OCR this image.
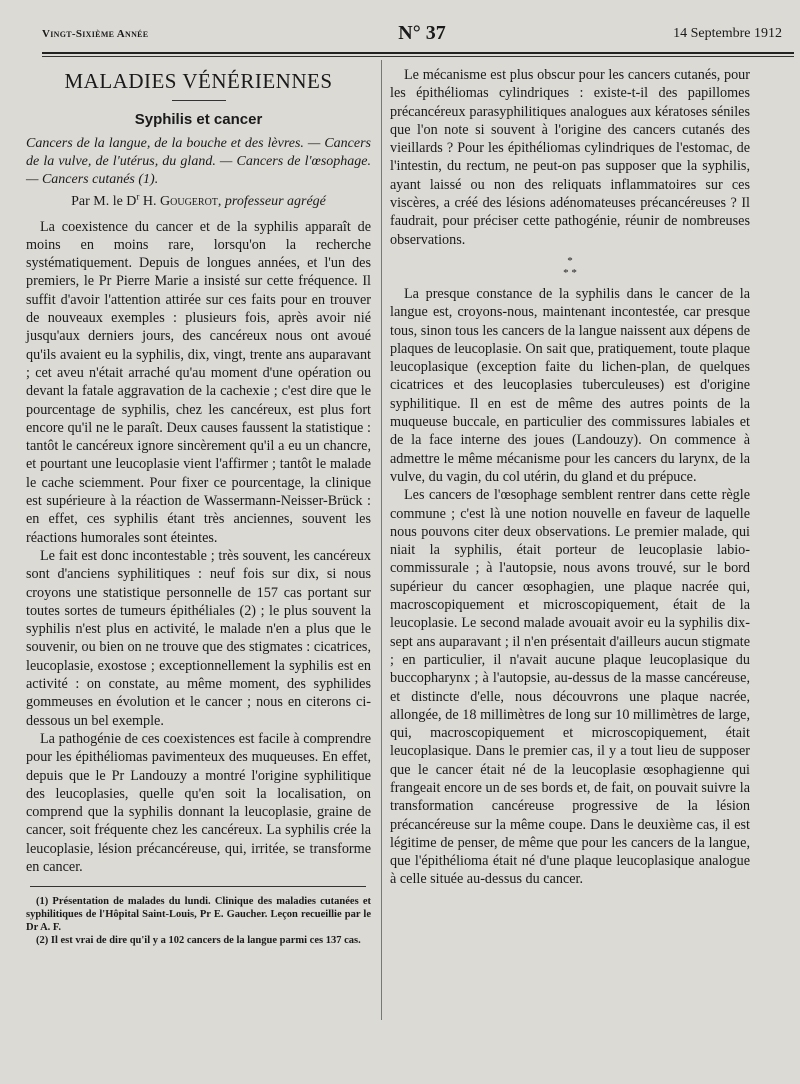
Vingt-Sixième Année	N° 37	14 Septembre 1912
MALADIES VÉNÉRIENNES
Syphilis et cancer
Cancers de la langue, de la bouche et des lèvres. — Cancers de la vulve, de l'utérus, du gland. — Cancers de l'œsophage. — Cancers cutanés (1).
Par M. le $D^r$ H. Gougerot, professeur agrégé

La coexistence du cancer et de la syphilis apparaît de moins en moins rare, lorsqu'on la recherche systématiquement. Depuis de longues années, et l'un des premiers, le Pr Pierre Marie a insisté sur cette fréquence. Il suffit d'avoir l'attention attirée sur ces faits pour en trouver de nouveaux exemples : plusieurs fois, après avoir nié jusqu'aux derniers jours, des cancéreux nous ont avoué qu'ils avaient eu la syphilis, dix, vingt, trente ans auparavant ; cet aveu n'était arraché qu'au moment d'une opération ou devant la fatale aggravation de la cachexie ; c'est dire que le pourcentage de syphilis, chez les cancéreux, est plus fort encore qu'il ne le paraît. Deux causes faussent la statistique : tantôt le cancéreux ignore sincèrement qu'il a eu un chancre, et pourtant une leucoplasie vient l'affirmer ; tantôt le malade le cache sciemment. Pour fixer ce pourcentage, la clinique est supérieure à la réaction de Wassermann-Neisser-Brück : en effet, ces syphilis étant très anciennes, souvent les réactions humorales sont éteintes.

Le fait est donc incontestable ; très souvent, les cancéreux sont d'anciens syphilitiques : neuf fois sur dix, si nous croyons une statistique personnelle de 157 cas portant sur toutes sortes de tumeurs épithéliales (2) ; le plus souvent la syphilis n'est plus en activité, le malade n'en a plus que le souvenir, ou bien on ne trouve que des stigmates : cicatrices, leucoplasie, exostose ; exceptionnellement la syphilis est en activité : on constate, au même moment, des syphilides gommeuses en évolution et le cancer ; nous en citerons ci-dessous un bel exemple.

La pathogénie de ces coexistences est facile à comprendre pour les épithéliomas pavimenteux des muqueuses. En effet, depuis que le Pr Landouzy a montré l'origine syphilitique des leucoplasies, quelle qu'en soit la localisation, on comprend que la syphilis donnant la leucoplasie, graine de cancer, soit fréquente chez les cancéreux. La syphilis crée la leucoplasie, lésion précancéreuse, qui, irritée, se transforme en cancer.

(1) Présentation de malades du lundi. Clinique des maladies cutanées et syphilitiques de l'Hôpital Saint-Louis, Pr E. Gaucher. Leçon recueillie par le Dr A. F.
(2) Il est vrai de dire qu'il y a 102 cancers de la langue parmi ces 137 cas.

Le mécanisme est plus obscur pour les cancers cutanés, pour les épithéliomas cylindriques : existe-t-il des papillomes précancéreux parasyphilitiques analogues aux kératoses séniles que l'on note si souvent à l'origine des cancers cutanés des vieillards ? Pour les épithéliomas cylindriques de l'estomac, de l'intestin, du rectum, ne peut-on pas supposer que la syphilis, ayant laissé ou non des reliquats inflammatoires sur ces viscères, a créé des lésions adénomateuses précancéreuses ? Il faudrait, pour préciser cette pathogénie, réunir de nombreuses observations.

*
* *

La presque constance de la syphilis dans le cancer de la langue est, croyons-nous, maintenant incontestée, car presque tous, sinon tous les cancers de la langue naissent aux dépens de plaques de leucoplasie. On sait que, pratiquement, toute plaque leucoplasique (exception faite du lichen-plan, de quelques cicatrices et des leucoplasies tuberculeuses) est d'origine syphilitique. Il en est de même des autres points de la muqueuse buccale, en particulier des commissures labiales et de la face interne des joues (Landouzy). On commence à admettre le même mécanisme pour les cancers du larynx, de la vulve, du vagin, du col utérin, du gland et du prépuce.

Les cancers de l'œsophage semblent rentrer dans cette règle commune ; c'est là une notion nouvelle en faveur de laquelle nous pouvons citer deux observations. Le premier malade, qui niait la syphilis, était porteur de leucoplasie labio-commissurale ; à l'autopsie, nous avons trouvé, sur le bord supérieur du cancer œsophagien, une plaque nacrée qui, macroscopiquement et microscopiquement, était de la leucoplasie. Le second malade avouait avoir eu la syphilis dix-sept ans auparavant ; il n'en présentait d'ailleurs aucun stigmate ; en particulier, il n'avait aucune plaque leucoplasique du buccopharynx ; à l'autopsie, au-dessus de la masse cancéreuse, et distincte d'elle, nous découvrons une plaque nacrée, allongée, de 18 millimètres de long sur 10 millimètres de large, qui, macroscopiquement et microscopiquement, était leucoplasique. Dans le premier cas, il y a tout lieu de supposer que le cancer était né de la leucoplasie œsophagienne qui frangeait encore un de ses bords et, de fait, on pouvait suivre la transformation cancéreuse progressive de la lésion précancéreuse sur la même coupe. Dans le deuxième cas, il est légitime de penser, de même que pour les cancers de la langue, que l'épithélioma était né d'une plaque leucoplasique analogue à celle située au-dessus du cancer.
